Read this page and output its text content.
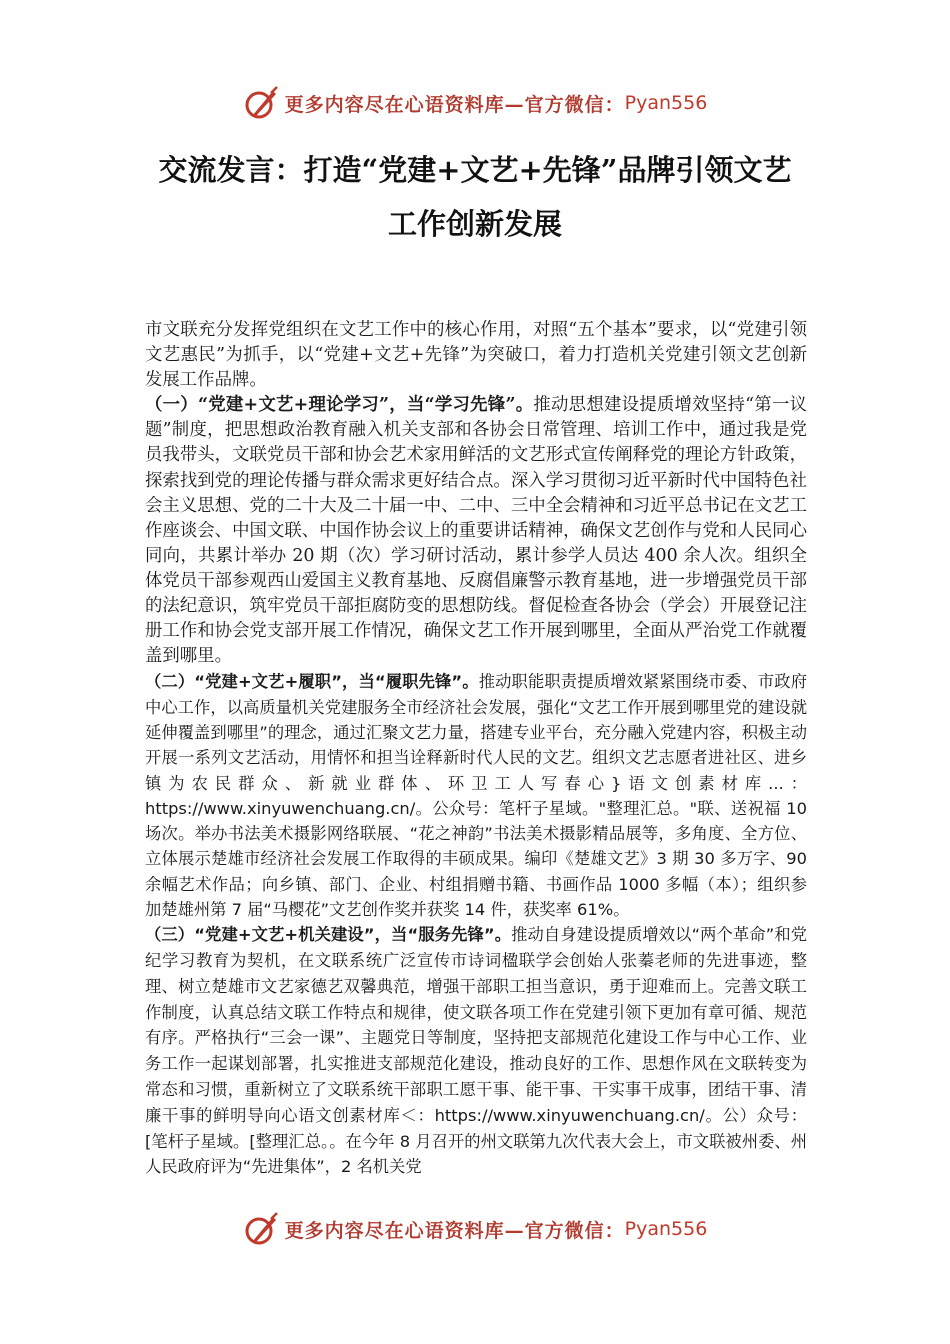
更多内容尽在心语资料库—官方微信： Pyan556
交流发言：打造“党建+文艺+先锋”品牌引领文艺
工作创新发展

市文联充分发挥党组织在文艺工作中的核心作用，对照“五个基本”要求，以“党建引领文艺惠民”为抓手，以“党建+文艺+先锋”为突破口，着力打造机关党建引领文艺创新发展工作品牌。

（一）“党建+文艺+理论学习”，当“学习先锋”。推动思想建设提质增效坚持“第一议题”制度，把思想政治教育融入机关支部和各协会日常管理、培训工作中，通过我是党员我带头，文联党员干部和协会艺术家用鲜活的文艺形式宣传阐释党的理论方针政策，探索找到党的理论传播与群众需求更好结合点。深入学习贯彻习近平新时代中国特色社会主义思想、党的二十大及二十届一中、二中、三中全会精神和习近平总书记在文艺工作座谈会、中国文联、中国作协会议上的重要讲话精神，确保文艺创作与党和人民同心同向，共累计举办 20 期（次）学习研讨活动，累计参学人员达 400 余人次。组织全体党员干部参观西山爱国主义教育基地、反腐倡廉警示教育基地，进一步增强党员干部的法纪意识，筑牢党员干部拒腐防变的思想防线。督促检查各协会（学会）开展登记注册工作和协会党支部开展工作情况，确保文艺工作开展到哪里，全面从严治党工作就覆盖到哪里。

（二）“党建+文艺+履职”，当“履职先锋”。推动职能职责提质增效紧紧围绕市委、市政府中心工作，以高质量机关党建服务全市经济社会发展，强化“文艺工作开展到哪里党的建设就延伸覆盖到哪里”的理念，通过汇聚文艺力量，搭建专业平台，充分融入党建内容，积极主动开展一系列文艺活动，用情怀和担当诠释新时代人民的文艺。组织文艺志愿者进社区、进乡镇为农民群众、新就业群体、环卫工人写春心}语文创素材库...：https://www.xinyuwenchuang.cn/。公众号：笔杆子星域。"整理汇总。"联、送祝福 10 场次。举办书法美术摄影网络联展、“花之神韵”书法美术摄影精品展等，多角度、全方位、立体展示楚雄市经济社会发展工作取得的丰硕成果。编印《楚雄文艺》3 期 30 多万字、90 余幅艺术作品；向乡镇、部门、企业、村组捐赠书籍、书画作品 1000 多幅（本）；组织参加楚雄州第 7 届“马樱花”文艺创作奖并获奖 14 件，获奖率 61%。

（三）“党建+文艺+机关建设”，当“服务先锋”。推动自身建设提质增效以“两个革命”和党纪学习教育为契机，在文联系统广泛宣传市诗词楹联学会创始人张蓁老师的先进事迹，整理、树立楚雄市文艺家德艺双馨典范，增强干部职工担当意识，勇于迎难而上。完善文联工作制度，认真总结文联工作特点和规律，使文联各项工作在党建引领下更加有章可循、规范有序。严格执行“三会一课”、主题党日等制度，坚持把支部规范化建设工作与中心工作、业务工作一起谋划部署，扎实推进支部规范化建设，推动良好的工作、思想作风在文联转变为常态和习惯，重新树立了文联系统干部职工愿干事、能干事、干实事干成事，团结干事、清廉干事的鲜明导向心语文创素材库＜：https://www.xinyuwenchuang.cn/。公）众号：[笔杆子星域。[整理汇总。。在今年 8 月召开的州文联第九次代表大会上，市文联被州委、州人民政府评为“先进集体”，2 名机关党

更多内容尽在心语资料库—官方微信： Pyan556
